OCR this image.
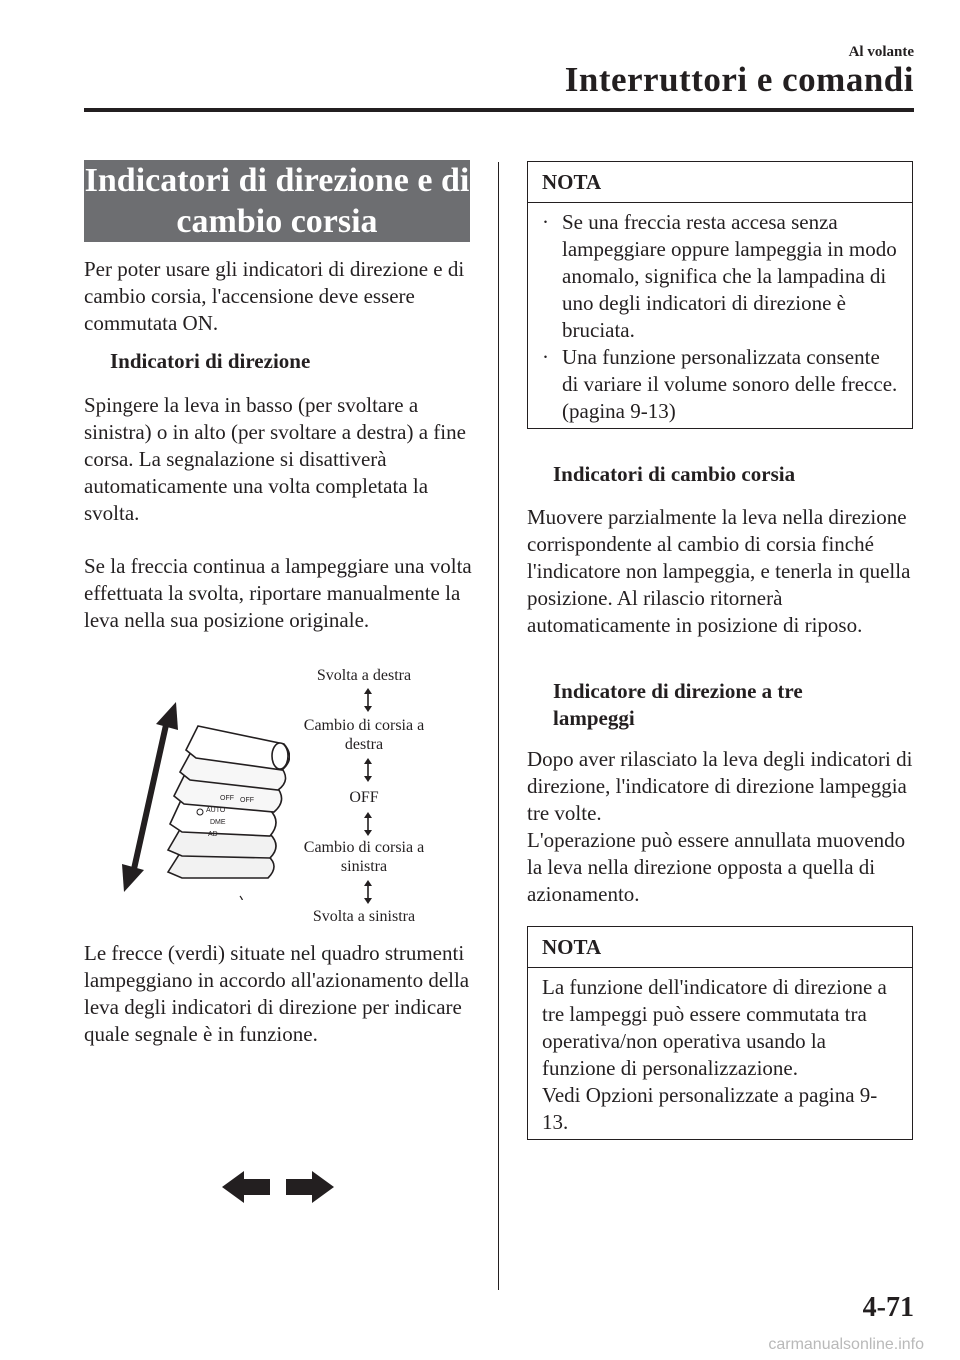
Al volante
Interruttori e comandi
Indicatori di direzione e di cambio corsia
Per poter usare gli indicatori di direzione e di cambio corsia, l'accensione deve essere commutata ON.
Indicatori di direzione
Spingere la leva in basso (per svoltare a sinistra) o in alto (per svoltare a destra) a fine corsa. La segnalazione si disattiverà automaticamente una volta completata la svolta.
Se la freccia continua a lampeggiare una volta effettuata la svolta, riportare manualmente la leva nella sua posizione originale.
OFF OFF
AUTO
DME
AD
Svolta a destra
Cambio di corsia a destra
OFF
Cambio di corsia a sinistra
Svolta a sinistra
Le frecce (verdi) situate nel quadro strumenti lampeggiano in accordo all'azionamento della leva degli indicatori di direzione per indicare quale segnale è in funzione.
NOTA
· Se una freccia resta accesa senza lampeggiare oppure lampeggia in modo anomalo, significa che la lampadina di uno degli indicatori di direzione è bruciata.
· Una funzione personalizzata consente di variare il volume sonoro delle frecce. (pagina 9-13)
Indicatori di cambio corsia
Muovere parzialmente la leva nella direzione corrispondente al cambio di corsia finché l'indicatore non lampeggia, e tenerla in quella posizione. Al rilascio ritornerà automaticamente in posizione di riposo.
Indicatore di direzione a tre lampeggi
Dopo aver rilasciato la leva degli indicatori di direzione, l'indicatore di direzione lampeggia tre volte.
L'operazione può essere annullata muovendo la leva nella direzione opposta a quella di azionamento.
NOTA
La funzione dell'indicatore di direzione a tre lampeggi può essere commutata tra operativa/non operativa usando la funzione di personalizzazione.
Vedi Opzioni personalizzate a pagina 9-13.
4-71
carmanualsonline.info
